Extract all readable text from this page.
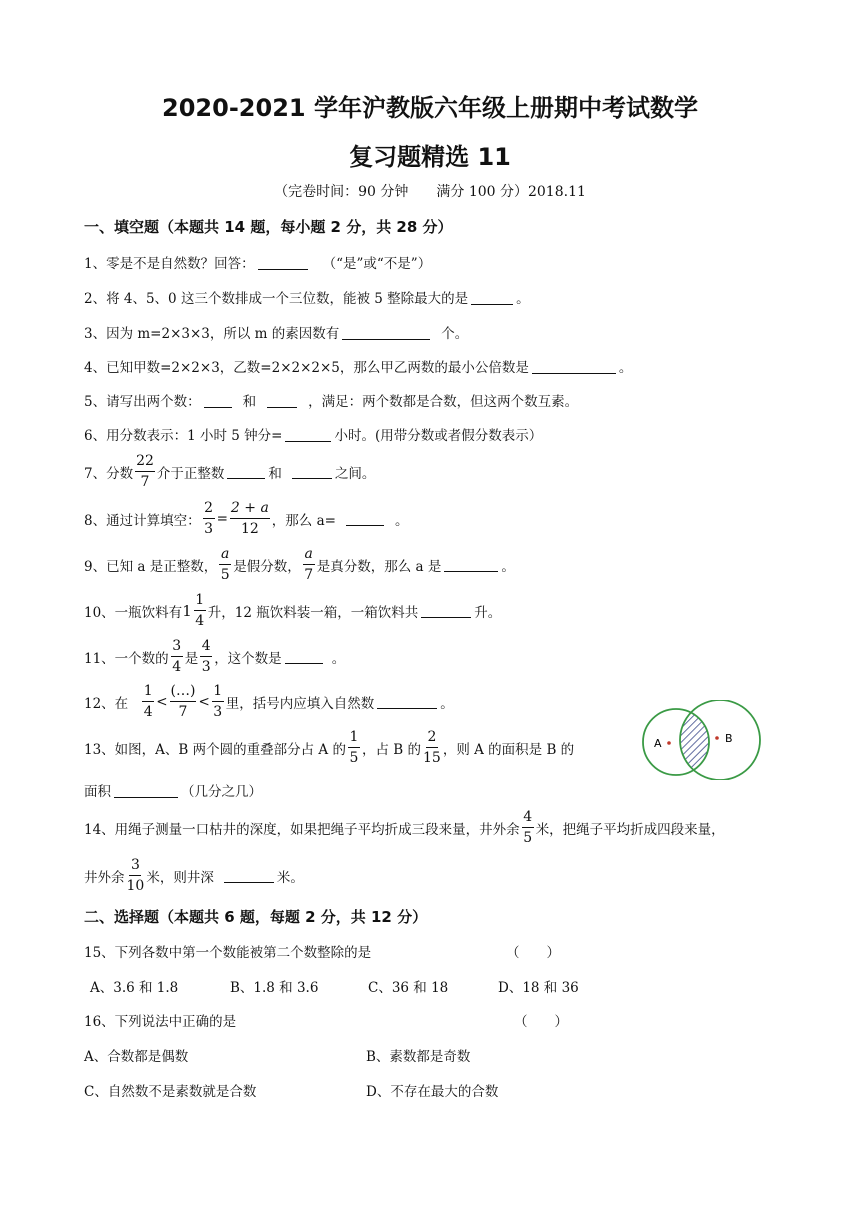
2020-2021 学年沪教版六年级上册期中考试数学
复习题精选 11
（完卷时间：90 分钟　　满分 100 分）2018.11
一、填空题（本题共 14 题，每小题 2 分，共 28 分）
1、零是不是自然数？回答：	（“是”或“不是”）
2、将 4、5、0 这三个数排成一个三位数，能被 5 整除最大的是	。
3、因为 m=2×3×3，所以 m 的素因数有	个。
4、已知甲数=2×2×3，乙数=2×2×2×5，那么甲乙两数的最小公倍数是	。
5、请写出两个数：	和	，满足：两个数都是合数，但这两个数互素。
6、用分数表示：1 小时 5 钟分=	小时。(用带分数或者假分数表示）
7、分数 $\frac{22}{7}$ 介于正整数	和	之间。
8、通过计算填空： $\frac{2}{3} = \frac{2 + a}{12}$ ，那么 a=	。
9、已知 a 是正整数， $\frac{a}{5}$ 是假分数， $\frac{a}{7}$ 是真分数，那么 a 是	。
10、一瓶饮料有 $1 \frac{1}{4}$ 升，12 瓶饮料装一箱，一箱饮料共	升。
11、一个数的 $\frac{3}{4}$ 是 $\frac{4}{3}$ ，这个数是	。
12、在 $\frac{1}{4} < \frac{(\dots)}{7} < \frac{1}{3}$ 里，括号内应填入自然数	。
13、如图，A、B 两个圆的重叠部分占 A 的 $\frac{1}{5}$ ，占 B 的 $\frac{2}{15}$ ，则 A 的面积是 B 的
面积	（几分之几）
A	B
14、用绳子测量一口枯井的深度，如果把绳子平均折成三段来量，井外余 $\frac{4}{5}$ 米，把绳子平均折成四段来量，
井外余 $\frac{3}{10}$ 米，则井深	米。
二、选择题（本题共 6 题，每题 2 分，共 12 分）
15、下列各数中第一个数能被第二个数整除的是	（　　）
A、3.6 和 1.8	B、1.8 和 3.6	C、36 和 18	D、18 和 36
16、下列说法中正确的是	（　　）
A、合数都是偶数	B、素数都是奇数
C、自然数不是素数就是合数	D、不存在最大的合数
